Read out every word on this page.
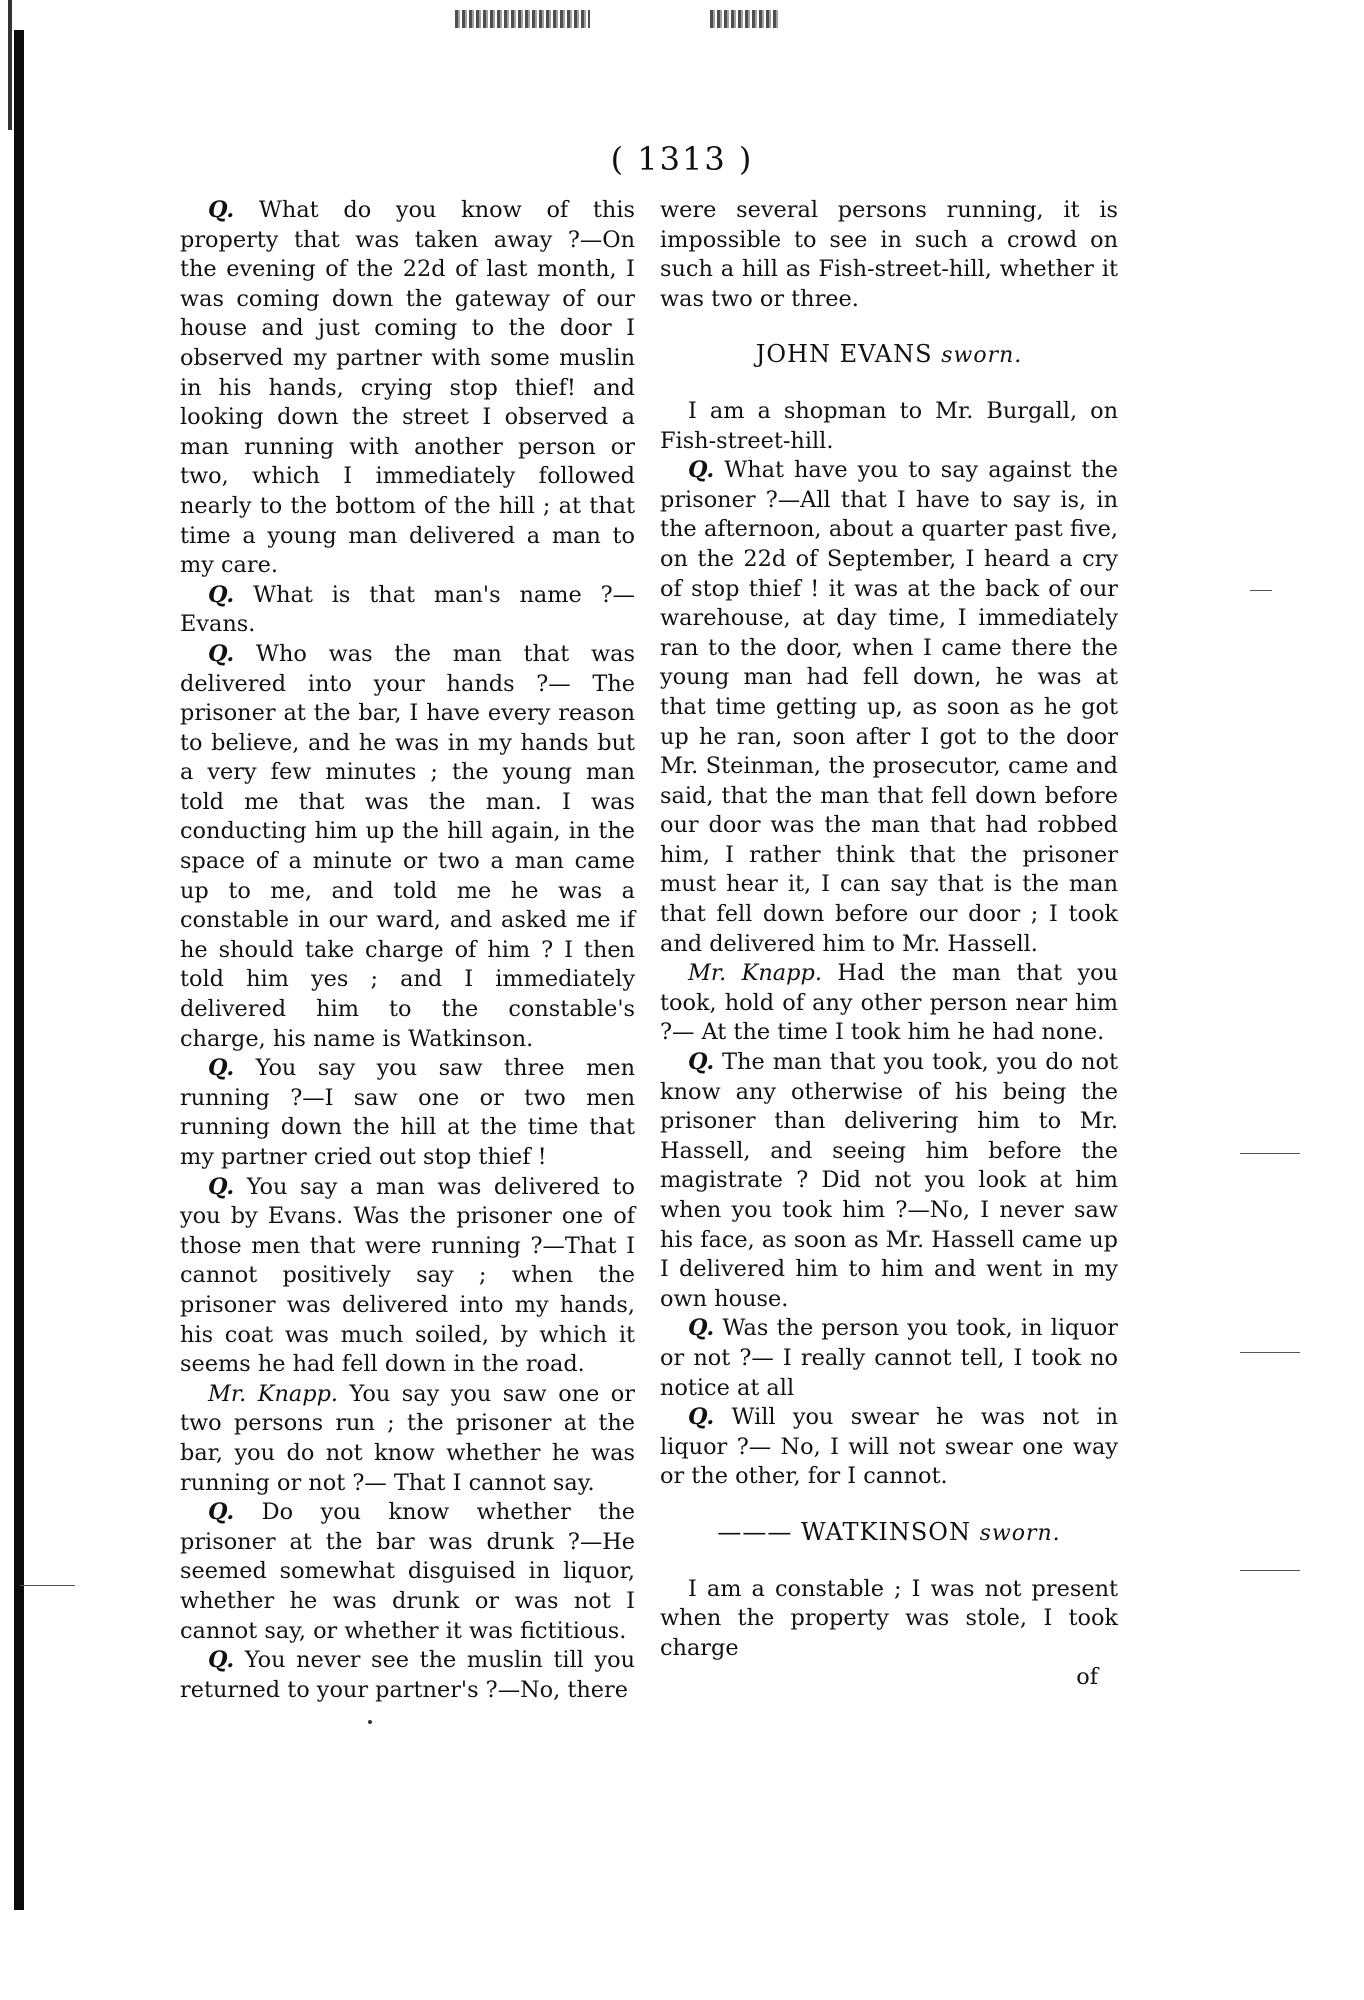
( 1313 )

Q. What do you know of this property that was taken away ?—On the evening of the 22d of last month, I was coming down the gateway of our house and just coming to the door I observed my partner with some muslin in his hands, crying stop thief! and looking down the street I observed a man running with another person or two, which I immediately followed nearly to the bottom of the hill ; at that time a young man delivered a man to my care.

Q. What is that man's name ?—Evans.

Q. Who was the man that was delivered into your hands ?— The prisoner at the bar, I have every reason to believe, and he was in my hands but a very few minutes ; the young man told me that was the man. I was conducting him up the hill again, in the space of a minute or two a man came up to me, and told me he was a constable in our ward, and asked me if he should take charge of him ? I then told him yes ; and I immediately delivered him to the constable's charge, his name is Watkinson.

Q. You say you saw three men running ?—I saw one or two men running down the hill at the time that my partner cried out stop thief !

Q. You say a man was delivered to you by Evans. Was the prisoner one of those men that were running ?—That I cannot positively say ; when the prisoner was delivered into my hands, his coat was much soiled, by which it seems he had fell down in the road.

Mr. Knapp. You say you saw one or two persons run ; the prisoner at the bar, you do not know whether he was running or not ?— That I cannot say.

Q. Do you know whether the prisoner at the bar was drunk ?—He seemed somewhat disguised in liquor, whether he was drunk or was not I cannot say, or whether it was fictitious.

Q. You never see the muslin till you returned to your partner's ?—No, there

were several persons running, it is impossible to see in such a crowd on such a hill as Fish-street-hill, whether it was two or three.

JOHN EVANS sworn.

I am a shopman to Mr. Burgall, on Fish-street-hill.

Q. What have you to say against the prisoner ?—All that I have to say is, in the afternoon, about a quarter past five, on the 22d of September, I heard a cry of stop thief ! it was at the back of our warehouse, at day time, I immediately ran to the door, when I came there the young man had fell down, he was at that time getting up, as soon as he got up he ran, soon after I got to the door Mr. Steinman, the prosecutor, came and said, that the man that fell down before our door was the man that had robbed him, I rather think that the prisoner must hear it, I can say that is the man that fell down before our door ; I took and delivered him to Mr. Hassell.

Mr. Knapp. Had the man that you took, hold of any other person near him ?— At the time I took him he had none.

Q. The man that you took, you do not know any otherwise of his being the prisoner than delivering him to Mr. Hassell, and seeing him before the magistrate ? Did not you look at him when you took him ?—No, I never saw his face, as soon as Mr. Hassell came up I delivered him to him and went in my own house.

Q. Was the person you took, in liquor or not ?— I really cannot tell, I took no notice at all

Q. Will you swear he was not in liquor ?— No, I will not swear one way or the other, for I cannot.

——— WATKINSON sworn.

I am a constable ; I was not present when the property was stole, I took charge

of
